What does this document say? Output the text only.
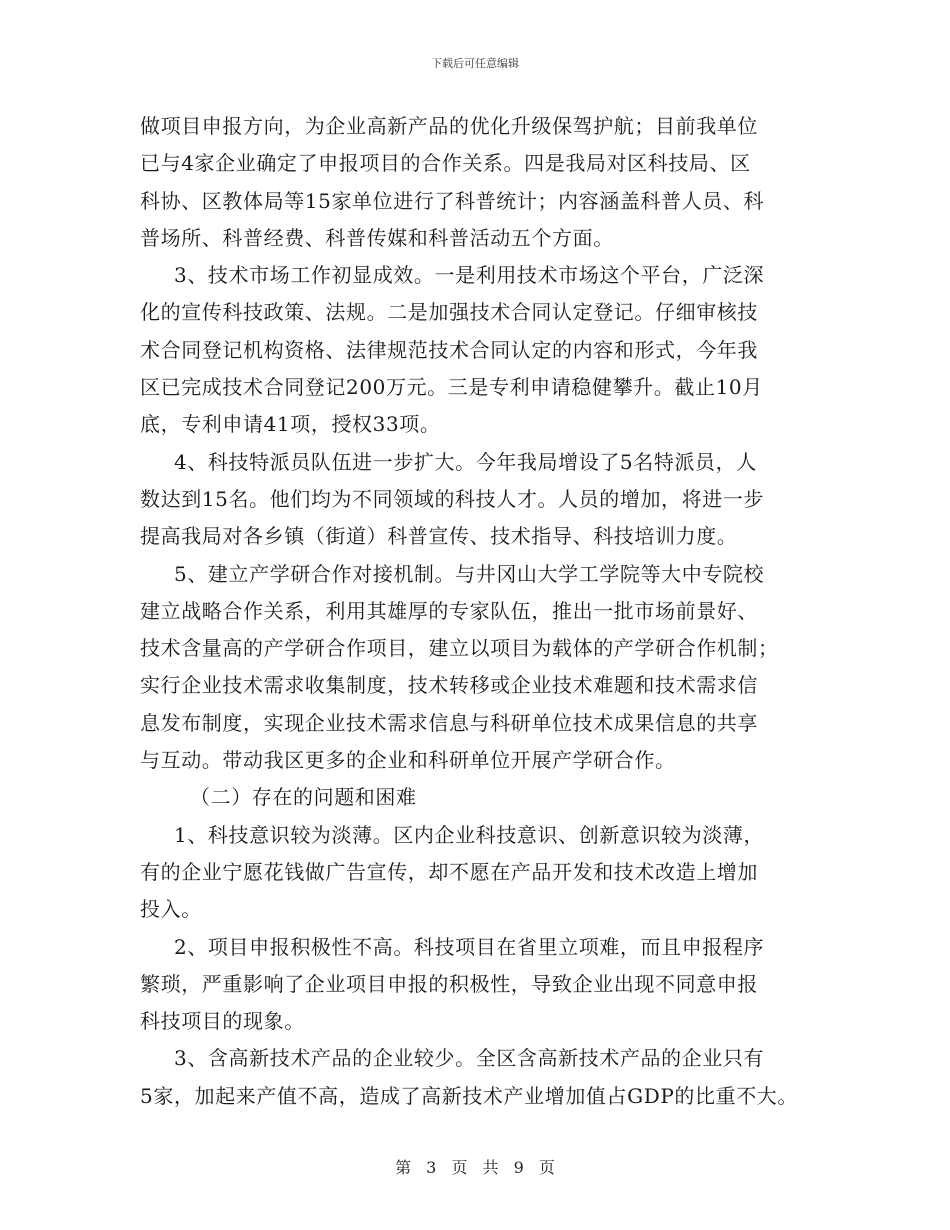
下载后可任意编辑
做项目申报方向，为企业高新产品的优化升级保驾护航；目前我单位
已与4家企业确定了申报项目的合作关系。四是我局对区科技局、区
科协、区教体局等15家单位进行了科普统计；内容涵盖科普人员、科
普场所、科普经费、科普传媒和科普活动五个方面。
3、技术市场工作初显成效。一是利用技术市场这个平台，广泛深
化的宣传科技政策、法规。二是加强技术合同认定登记。仔细审核技
术合同登记机构资格、法律规范技术合同认定的内容和形式，今年我
区已完成技术合同登记200万元。三是专利申请稳健攀升。截止10月
底，专利申请41项，授权33项。
4、科技特派员队伍进一步扩大。今年我局增设了5名特派员，人
数达到15名。他们均为不同领域的科技人才。人员的增加，将进一步
提高我局对各乡镇（街道）科普宣传、技术指导、科技培训力度。
5、建立产学研合作对接机制。与井冈山大学工学院等大中专院校
建立战略合作关系，利用其雄厚的专家队伍，推出一批市场前景好、
技术含量高的产学研合作项目，建立以项目为载体的产学研合作机制；
实行企业技术需求收集制度，技术转移或企业技术难题和技术需求信
息发布制度，实现企业技术需求信息与科研单位技术成果信息的共享
与互动。带动我区更多的企业和科研单位开展产学研合作。
（二）存在的问题和困难
1、科技意识较为淡薄。区内企业科技意识、创新意识较为淡薄，
有的企业宁愿花钱做广告宣传，却不愿在产品开发和技术改造上增加
投入。
2、项目申报积极性不高。科技项目在省里立项难，而且申报程序
繁琐，严重影响了企业项目申报的积极性，导致企业出现不同意申报
科技项目的现象。
3、含高新技术产品的企业较少。全区含高新技术产品的企业只有
5家，加起来产值不高，造成了高新技术产业增加值占GDP的比重不大。
第 3 页 共 9 页
